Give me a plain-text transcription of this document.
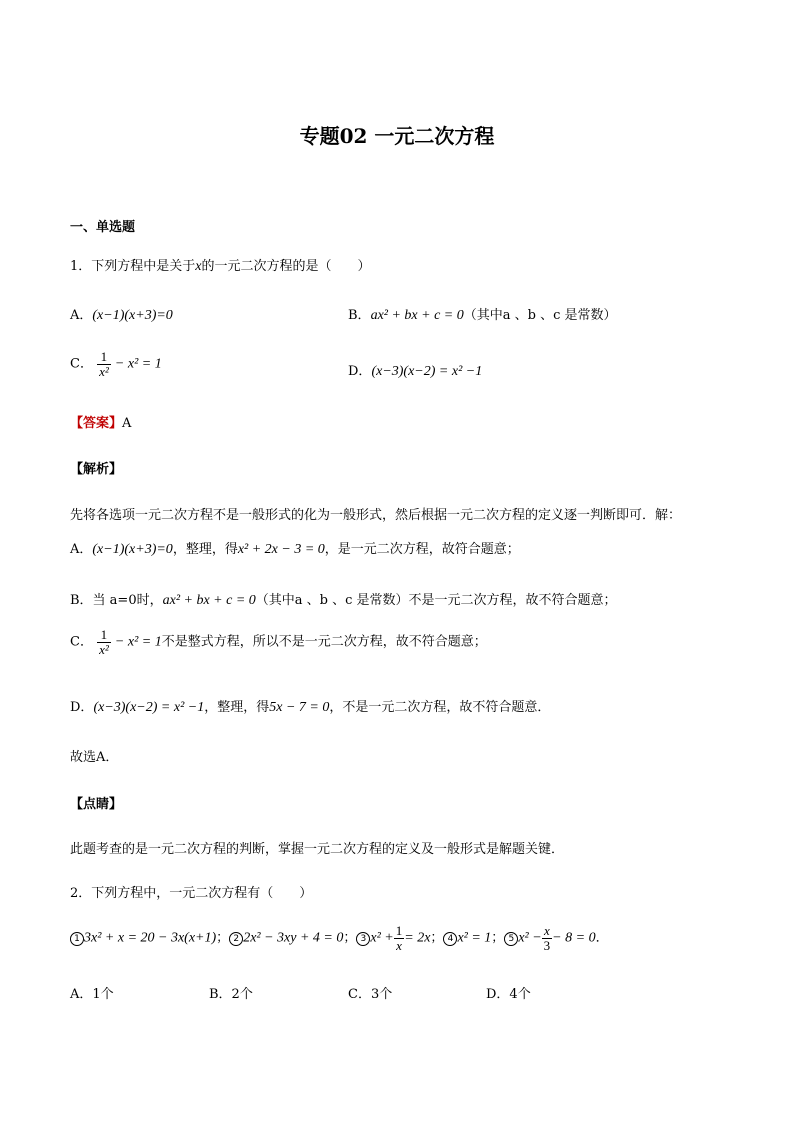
专题02 一元二次方程
一、单选题
1．下列方程中是关于x的一元二次方程的是（　　）
A．(x−1)(x+3)=0	B．ax² + bx + c = 0（其中a 、b 、c 是常数）
C． $\frac{1}{\text{x²}} - x^2 = 1$	D．(x−3)(x−2) = x² −1
【答案】A
【解析】
先将各选项一元二次方程不是一般形式的化为一般形式，然后根据一元二次方程的定义逐一判断即可．解：
A．(x−1)(x+3)=0，整理，得x² + 2x − 3 = 0，是一元二次方程，故符合题意；
B．当 a=0时，ax² + bx + c = 0（其中a 、b 、c 是常数）不是一元二次方程，故不符合题意；
C． $\frac{1}{\text{x²}} - x^2 = 1$不是整式方程，所以不是一元二次方程，故不符合题意；
D．(x−3)(x−2) = x² −1，整理，得5x − 7 = 0，不是一元二次方程，故不符合题意．
故选A．
【点睛】
此题考查的是一元二次方程的判断，掌握一元二次方程的定义及一般形式是解题关键．
2．下列方程中，一元二次方程有（　　）
1 3x² + x = 20 − 3x(x+1)； 2 2x² − 3xy + 4 = 0； 3 $x^2 + \frac{1}{x} = 2x$； 4 x² = 1； 5 $x^2 - \frac{x}{3} - 8 = 0$．
A．1个	B．2个	C．3个	D．4个
